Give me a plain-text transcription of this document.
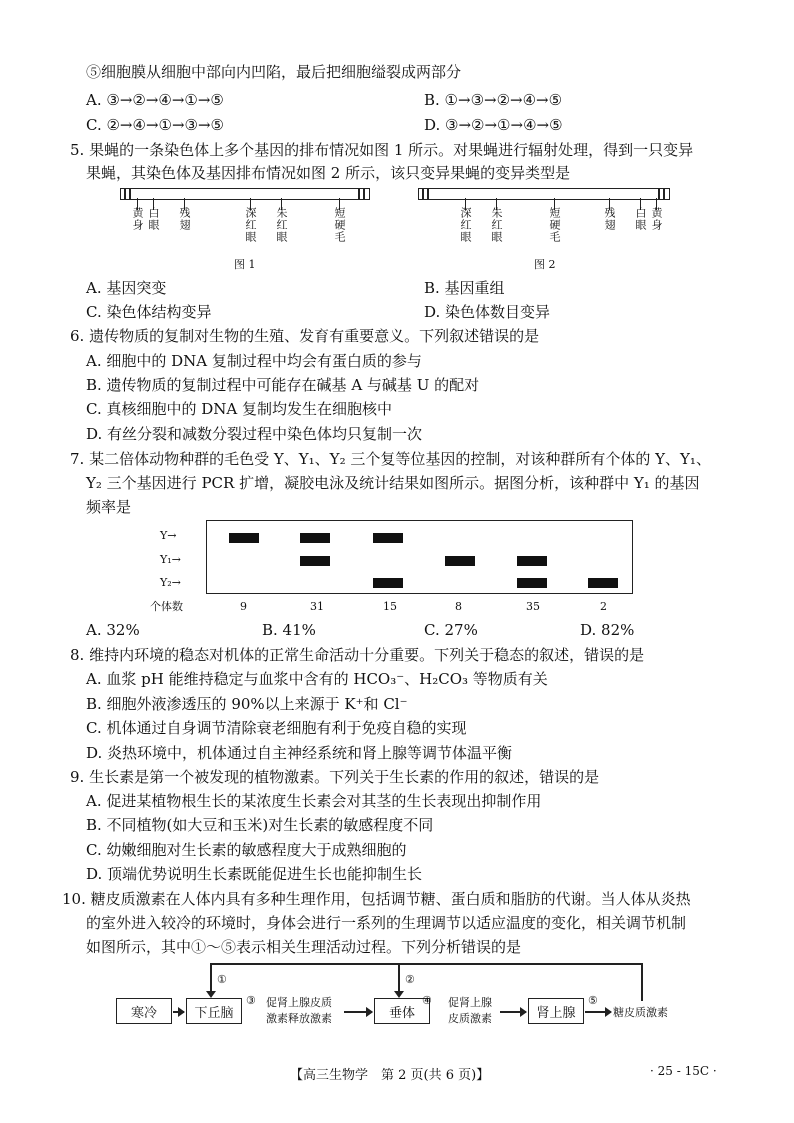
⑤细胞膜从细胞中部向内凹陷，最后把细胞缢裂成两部分
A. ③→②→④→①→⑤	B. ①→③→②→④→⑤
C. ②→④→①→③→⑤	D. ③→②→①→④→⑤
5. 果蝇的一条染色体上多个基因的排布情况如图 1 所示。对果蝇进行辐射处理，得到一只变异
果蝇，其染色体及基因排布情况如图 2 所示，该只变异果蝇的变异类型是
黄身 白眼 残翅	深红眼 朱红眼	短硬毛
图 1
深红眼 朱红眼	短硬毛	残翅 白眼 黄身
图 2
A. 基因突变	B. 基因重组
C. 染色体结构变异	D. 染色体数目变异
6. 遗传物质的复制对生物的生殖、发育有重要意义。下列叙述错误的是
A. 细胞中的 DNA 复制过程中均会有蛋白质的参与
B. 遗传物质的复制过程中可能存在碱基 A 与碱基 U 的配对
C. 真核细胞中的 DNA 复制均发生在细胞核中
D. 有丝分裂和减数分裂过程中染色体均只复制一次
7. 某二倍体动物种群的毛色受 Y、Y₁、Y₂ 三个复等位基因的控制，对该种群所有个体的 Y、Y₁、
Y₂ 三个基因进行 PCR 扩增，凝胶电泳及统计结果如图所示。据图分析，该种群中 Y₁ 的基因
频率是
Y→
Y₁→
Y₂→
个体数	9	31	15	8	35	2
A. 32%	B. 41%	C. 27%	D. 82%
8. 维持内环境的稳态对机体的正常生命活动十分重要。下列关于稳态的叙述，错误的是
A. 血浆 pH 能维持稳定与血浆中含有的 HCO₃⁻、H₂CO₃ 等物质有关
B. 细胞外液渗透压的 90%以上来源于 K⁺和 Cl⁻
C. 机体通过自身调节清除衰老细胞有利于免疫自稳的实现
D. 炎热环境中，机体通过自主神经系统和肾上腺等调节体温平衡
9. 生长素是第一个被发现的植物激素。下列关于生长素的作用的叙述，错误的是
A. 促进某植物根生长的某浓度生长素会对其茎的生长表现出抑制作用
B. 不同植物(如大豆和玉米)对生长素的敏感程度不同
C. 幼嫩细胞对生长素的敏感程度大于成熟细胞的
D. 顶端优势说明生长素既能促进生长也能抑制生长
10. 糖皮质激素在人体内具有多种生理作用，包括调节糖、蛋白质和脂肪的代谢。当人体从炎热
的室外进入较冷的环境时，身体会进行一系列的生理调节以适应温度的变化，相关调节机制
如图所示，其中①～⑤表示相关生理活动过程。下列分析错误的是
①	②
寒冷	下丘脑
③ 促肾上腺皮质
激素释放激素	垂体
④ 促肾上腺
皮质激素	肾上腺
⑤
糖皮质激素
【高三生物学　第 2 页(共 6 页)】	· 25 - 15C ·
